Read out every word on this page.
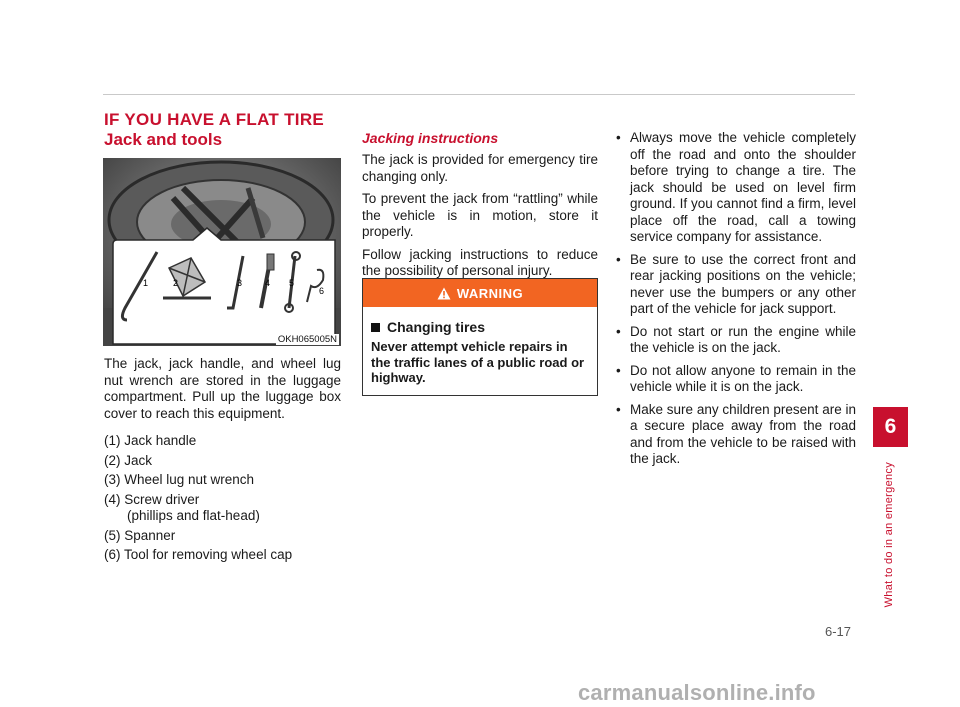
IF YOU HAVE A FLAT TIRE
Jack and tools
1	2	3	4 5
6
OKH065005N

The jack, jack handle, and wheel lug nut wrench are stored in the luggage compartment. Pull up the luggage box cover to reach this equipment.

(1) Jack handle
(2) Jack
(3) Wheel lug nut wrench
(4) Screw driver
(phillips and flat-head)
(5) Spanner
(6) Tool for removing wheel cap
Jacking instructions

The jack is provided for emergency tire changing only.

To prevent the jack from “rattling” while the vehicle is in motion, store it properly.

Follow jacking instructions to reduce the possibility of personal injury.

WARNING
Changing tires

Never attempt vehicle repairs in the traffic lanes of a public road or highway.

• Always move the vehicle completely off the road and onto the shoulder before trying to change a tire. The jack should be used on level firm ground. If you cannot find a firm, level place off the road, call a towing service company for assistance.
• Be sure to use the correct front and rear jacking positions on the vehicle; never use the bumpers or any other part of the vehicle for jack support.
• Do not start or run the engine while the vehicle is on the jack.
• Do not allow anyone to remain in the vehicle while it is on the jack.
• Make sure any children present are in a secure place away from the road and from the vehicle to be raised with the jack.
6
What to do in an emergency
6-17
carmanualsonline.info
